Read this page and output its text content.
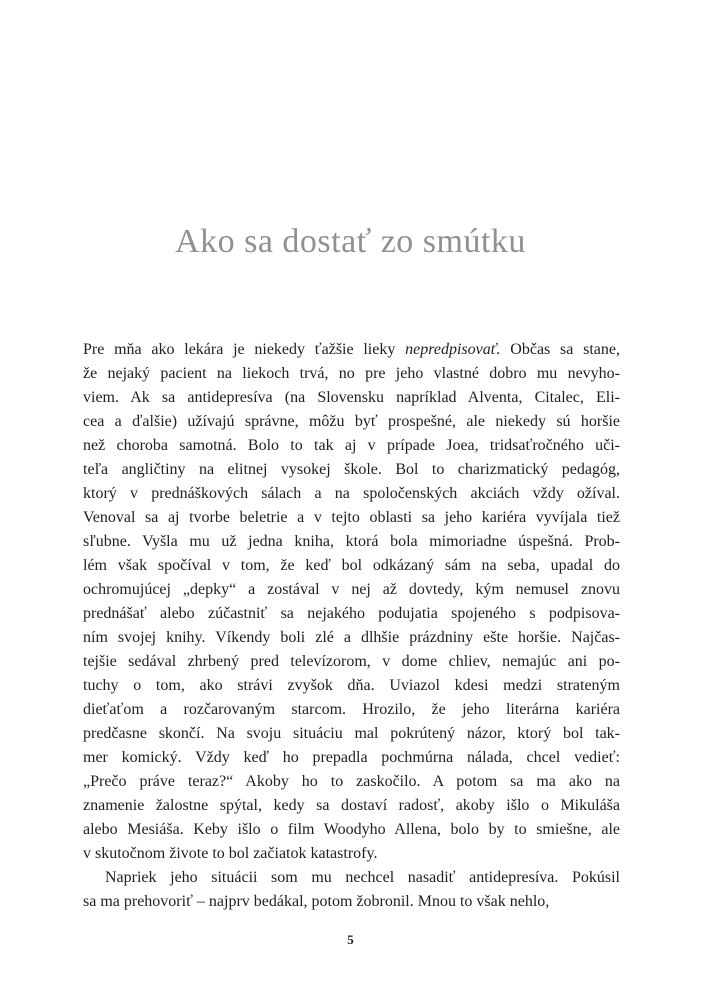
Ako sa dostať zo smútku
Pre mňa ako lekára je niekedy ťažšie lieky nepredpisovať. Občas sa stane,
že nejaký pacient na liekoch trvá, no pre jeho vlastné dobro mu nevyho-
viem. Ak sa antidepresíva (na Slovensku napríklad Alventa, Citalec, Eli-
cea a ďalšie) užívajú správne, môžu byť prospešné, ale niekedy sú horšie
než choroba samotná. Bolo to tak aj v prípade Joea, tridsaťročného uči-
teľa angličtiny na elitnej vysokej škole. Bol to charizmatický pedagóg,
ktorý v prednáškových sálach a na spoločenských akciách vždy ožíval.
Venoval sa aj tvorbe beletrie a v tejto oblasti sa jeho kariéra vyvíjala tiež
sľubne. Vyšla mu už jedna kniha, ktorá bola mimoriadne úspešná. Prob-
lém však spočíval v tom, že keď bol odkázaný sám na seba, upadal do
ochromujúcej „depky“ a zostával v nej až dovtedy, kým nemusel znovu
prednášať alebo zúčastniť sa nejakého podujatia spojeného s podpisova-
ním svojej knihy. Víkendy boli zlé a dlhšie prázdniny ešte horšie. Najčas-
tejšie sedával zhrbený pred televízorom, v dome chliev, nemajúc ani po-
tuchy o tom, ako strávi zvyšok dňa. Uviazol kdesi medzi strateným
dieťaťom a rozčarovaným starcom. Hrozilo, že jeho literárna kariéra
predčasne skončí. Na svoju situáciu mal pokrútený názor, ktorý bol tak-
mer komický. Vždy keď ho prepadla pochmúrna nálada, chcel vedieť:
„Prečo práve teraz?“ Akoby ho to zaskočilo. A potom sa ma ako na
znamenie žalostne spýtal, kedy sa dostaví radosť, akoby išlo o Mikuláša
alebo Mesiáša. Keby išlo o film Woodyho Allena, bolo by to smiešne, ale
v skutočnom živote to bol začiatok katastrofy.
Napriek jeho situácii som mu nechcel nasadiť antidepresíva. Pokúsil
sa ma prehovoriť – najprv bedákal, potom žobronil. Mnou to však nehlo,
5
